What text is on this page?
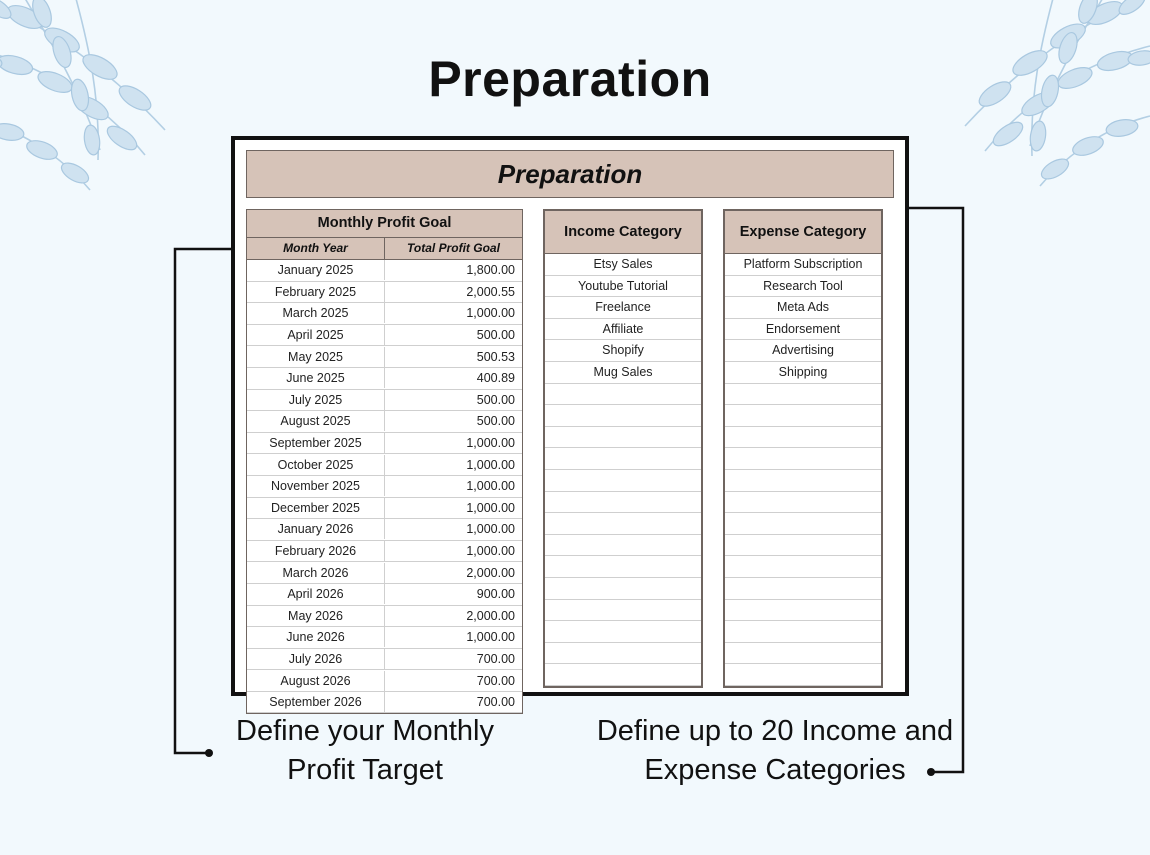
Preparation
Preparation
Monthly Profit Goal
Month Year	Total Profit Goal
January 2025	1,800.00
February 2025	2,000.55
March 2025	1,000.00
April 2025	500.00
May 2025	500.53
June 2025	400.89
July 2025	500.00
August 2025	500.00
September 2025	1,000.00
October 2025	1,000.00
November 2025	1,000.00
December 2025	1,000.00
January 2026	1,000.00
February 2026	1,000.00
March 2026	2,000.00
April 2026	900.00
May 2026	2,000.00
June 2026	1,000.00
July 2026	700.00
August 2026	700.00
September 2026	700.00
Income Category
Etsy Sales
Youtube Tutorial
Freelance
Affiliate
Shopify
Mug Sales
Expense Category
Platform Subscription
Research Tool
Meta Ads
Endorsement
Advertising
Shipping
Define your Monthly Profit Target
Define up to 20 Income and Expense Categories
